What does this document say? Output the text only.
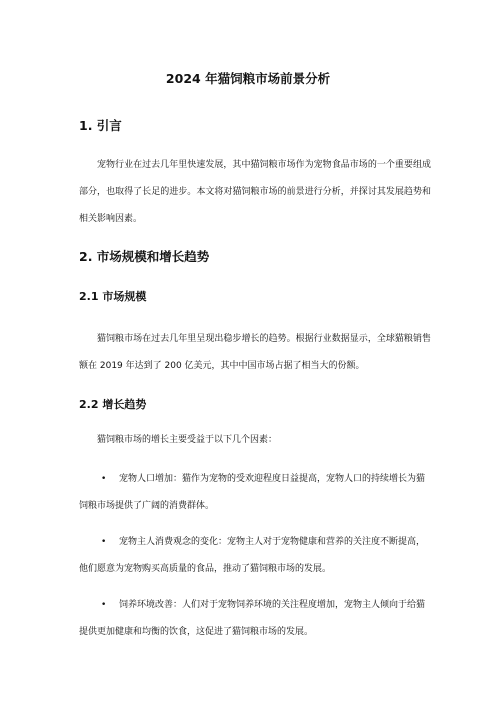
2024 年猫饲粮市场前景分析
1. 引言
宠物行业在过去几年里快速发展，其中猫饲粮市场作为宠物食品市场的一个重要组成部分，也取得了长足的进步。本文将对猫饲粮市场的前景进行分析，并探讨其发展趋势和相关影响因素。
2. 市场规模和增长趋势
2.1 市场规模
猫饲粮市场在过去几年里呈现出稳步增长的趋势。根据行业数据显示，全球猫粮销售额在 2019 年达到了 200 亿美元，其中中国市场占据了相当大的份额。
2.2 增长趋势
猫饲粮市场的增长主要受益于以下几个因素：
•	宠物人口增加：猫作为宠物的受欢迎程度日益提高，宠物人口的持续增长为猫饲粮市场提供了广阔的消费群体。
•	宠物主人消费观念的变化：宠物主人对于宠物健康和营养的关注度不断提高，他们愿意为宠物购买高质量的食品，推动了猫饲粮市场的发展。
•	饲养环境改善：人们对于宠物饲养环境的关注程度增加，宠物主人倾向于给猫提供更加健康和均衡的饮食，这促进了猫饲粮市场的发展。
